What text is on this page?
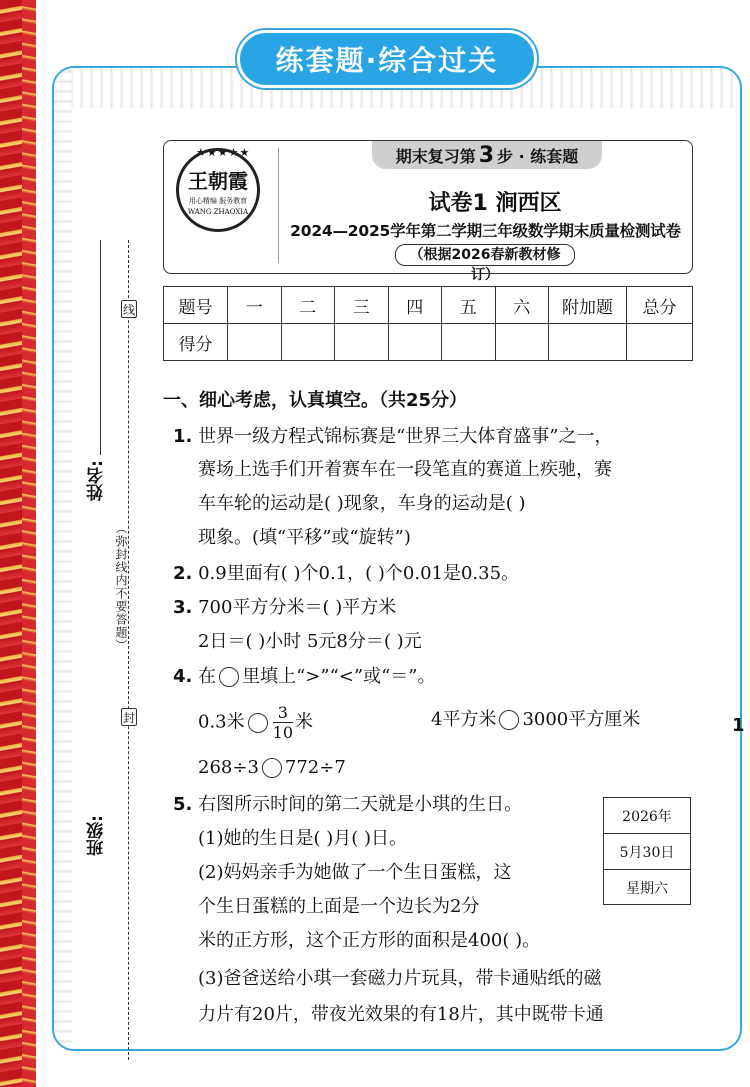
练套题·综合过关
线
封
姓名:
（弥封线内不要答题）
班级:
期末复习第 3 步 · 练套题
★★★★★
王朝霞
用心精编 服务教育
WANG ZHAOXIA	试卷1 涧西区
2024—2025学年第二学期三年级数学期末质量检测试卷
（根据2026春新教材修订）
题号	一	二	三	四	五	六	附加题	总分
得分								
一、细心考虑，认真填空。（共25分）
1. 世界一级方程式锦标赛是“世界三大体育盛事”之一，
赛场上选手们开着赛车在一段笔直的赛道上疾驰，赛
车车轮的运动是( )现象，车身的运动是( )
现象。(填“平移”或“旋转”)
2. 0.9里面有( )个0.1，( )个0.01是0.35。
3. 700平方分米＝( )平方米
2日＝( )小时 5元8分＝( )元
4. 在 里填上“>”“<”或“＝”。
0.3米 $\frac{3}{10}$ 米	4平方米 3000平方厘米
268÷3 772÷7
5. 右图所示时间的第二天就是小琪的生日。
(1)她的生日是( )月( )日。
(2)妈妈亲手为她做了一个生日蛋糕，这
个生日蛋糕的上面是一个边长为2分
米的正方形，这个正方形的面积是400( )。
(3)爸爸送给小琪一套磁力片玩具，带卡通贴纸的磁
力片有20片，带夜光效果的有18片，其中既带卡通
2026年
5月30日
星期六
1
